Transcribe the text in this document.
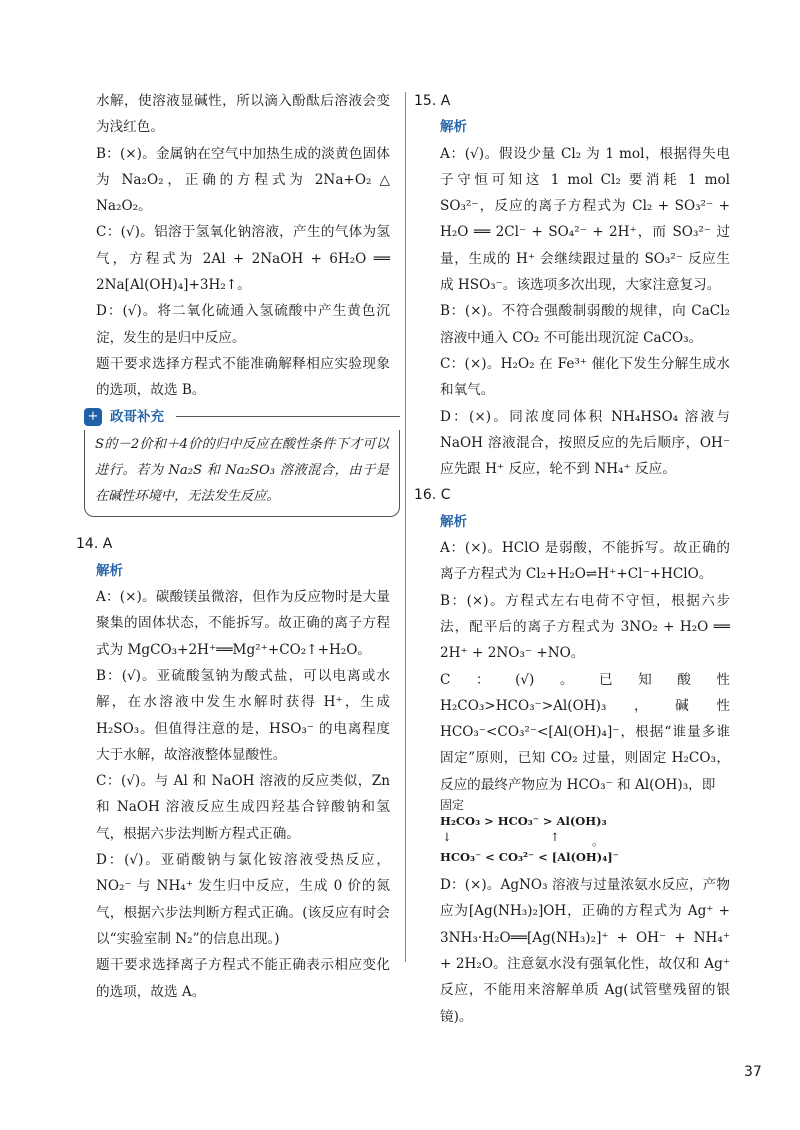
水解，使溶液显碱性，所以滴入酚酞后溶液会变为浅红色。

B：(×)。金属钠在空气中加热生成的淡黄色固体为 Na₂O₂，正确的方程式为 2Na+O₂ △ Na₂O₂。

C：(√)。铝溶于氢氧化钠溶液，产生的气体为氢气，方程式为 2Al + 2NaOH + 6H₂O ══ 2Na[Al(OH)₄]+3H₂↑。

D：(√)。将二氧化硫通入氢硫酸中产生黄色沉淀，发生的是归中反应。

题干要求选择方程式不能准确解释相应实验现象的选项，故选 B。

+ 政哥补充

S的－2价和＋4价的归中反应在酸性条件下才可以进行。若为 Na₂S 和 Na₂SO₃ 溶液混合，由于是在碱性环境中，无法发生反应。

14. A
解析

A：(×)。碳酸镁虽微溶，但作为反应物时是大量聚集的固体状态，不能拆写。故正确的离子方程式为 MgCO₃+2H⁺══Mg²⁺+CO₂↑+H₂O。

B：(√)。亚硫酸氢钠为酸式盐，可以电离或水解，在水溶液中发生水解时获得 H⁺，生成 H₂SO₃。但值得注意的是，HSO₃⁻ 的电离程度大于水解，故溶液整体显酸性。

C：(√)。与 Al 和 NaOH 溶液的反应类似，Zn 和 NaOH 溶液反应生成四羟基合锌酸钠和氢气，根据六步法判断方程式正确。

D：(√)。亚硝酸钠与氯化铵溶液受热反应，NO₂⁻ 与 NH₄⁺ 发生归中反应，生成 0 价的氮气，根据六步法判断方程式正确。(该反应有时会以“实验室制 N₂”的信息出现。)

题干要求选择离子方程式不能正确表示相应变化的选项，故选 A。

15. A
解析

A：(√)。假设少量 Cl₂ 为 1 mol，根据得失电子守恒可知这 1 mol Cl₂ 要消耗 1 mol SO₃²⁻，反应的离子方程式为 Cl₂ + SO₃²⁻ + H₂O ══ 2Cl⁻ + SO₄²⁻ + 2H⁺，而 SO₃²⁻ 过量，生成的 H⁺ 会继续跟过量的 SO₃²⁻ 反应生成 HSO₃⁻。该选项多次出现，大家注意复习。

B：(×)。不符合强酸制弱酸的规律，向 CaCl₂ 溶液中通入 CO₂ 不可能出现沉淀 CaCO₃。

C：(×)。H₂O₂ 在 Fe³⁺ 催化下发生分解生成水和氧气。

D：(×)。同浓度同体积 NH₄HSO₄ 溶液与 NaOH 溶液混合，按照反应的先后顺序，OH⁻ 应先跟 H⁺ 反应，轮不到 NH₄⁺ 反应。

16. C
解析

A：(×)。HClO 是弱酸，不能拆写。故正确的离子方程式为 Cl₂+H₂O⇌H⁺+Cl⁻+HClO。

B：(×)。方程式左右电荷不守恒，根据六步法，配平后的离子方程式为 3NO₂ + H₂O ══ 2H⁺ + 2NO₃⁻ +NO。

C：(√)。已知酸性 H₂CO₃>HCO₃⁻>Al(OH)₃，碱性 HCO₃⁻<CO₃²⁻<[Al(OH)₄]⁻，根据“谁量多谁固定”原则，已知 CO₂ 过量，则固定 H₂CO₃，反应的最终产物应为 HCO₃⁻ 和 Al(OH)₃，即

固定
H₂CO₃ > HCO₃⁻ > Al(OH)₃
↓	↑
HCO₃⁻ < CO₃²⁻ < [Al(OH)₄]⁻
。

D：(×)。AgNO₃ 溶液与过量浓氨水反应，产物应为[Ag(NH₃)₂]OH，正确的方程式为 Ag⁺ + 3NH₃·H₂O══[Ag(NH₃)₂]⁺ + OH⁻ + NH₄⁺ + 2H₂O。注意氨水没有强氧化性，故仅和 Ag⁺反应，不能用来溶解单质 Ag(试管壁残留的银镜)。

37
